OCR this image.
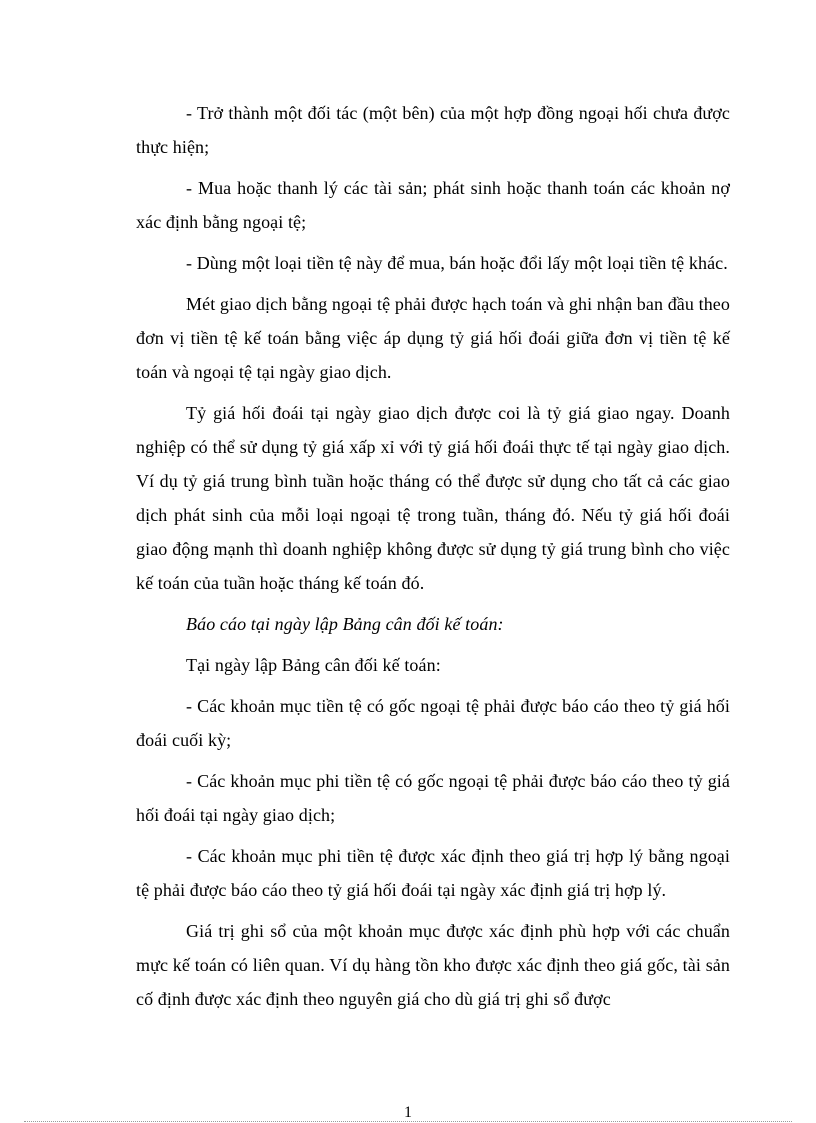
- Trở thành một đối tác (một bên) của một hợp đồng ngoại hối chưa được thực hiện;

- Mua hoặc thanh lý các tài sản; phát sinh hoặc thanh toán các khoản nợ xác định bằng ngoại tệ;

- Dùng một loại tiền tệ này để mua, bán hoặc đổi lấy một loại tiền tệ khác.

Mét giao dịch bằng ngoại tệ phải được hạch toán và ghi nhận ban đầu theo đơn vị tiền tệ kế toán bằng việc áp dụng tỷ giá hối đoái giữa đơn vị tiền tệ kế toán và ngoại tệ tại ngày giao dịch.

Tỷ giá hối đoái tại ngày giao dịch được coi là tỷ giá giao ngay. Doanh nghiệp có thể sử dụng tỷ giá xấp xỉ với tỷ giá hối đoái thực tế tại ngày giao dịch. Ví dụ tỷ giá trung bình tuần hoặc tháng có thể được sử dụng cho tất cả các giao dịch phát sinh của mỗi loại ngoại tệ trong tuần, tháng đó. Nếu tỷ giá hối đoái giao động mạnh thì doanh nghiệp không được sử dụng tỷ giá trung bình cho việc kế toán của tuần hoặc tháng kế toán đó.

Báo cáo tại ngày lập Bảng cân đối kế toán:

Tại ngày lập Bảng cân đối kế toán:

- Các khoản mục tiền tệ có gốc ngoại tệ phải được báo cáo theo tỷ giá hối đoái cuối kỳ;

- Các khoản mục phi tiền tệ có gốc ngoại tệ phải được báo cáo theo tỷ giá hối đoái tại ngày giao dịch;

- Các khoản mục phi tiền tệ được xác định theo giá trị hợp lý bằng ngoại tệ phải được báo cáo theo tỷ giá hối đoái tại ngày xác định giá trị hợp lý.

Giá trị ghi sổ của một khoản mục được xác định phù hợp với các chuẩn mực kế toán có liên quan. Ví dụ hàng tồn kho được xác định theo giá gốc, tài sản cố định được xác định theo nguyên giá cho dù giá trị ghi sổ được

1
